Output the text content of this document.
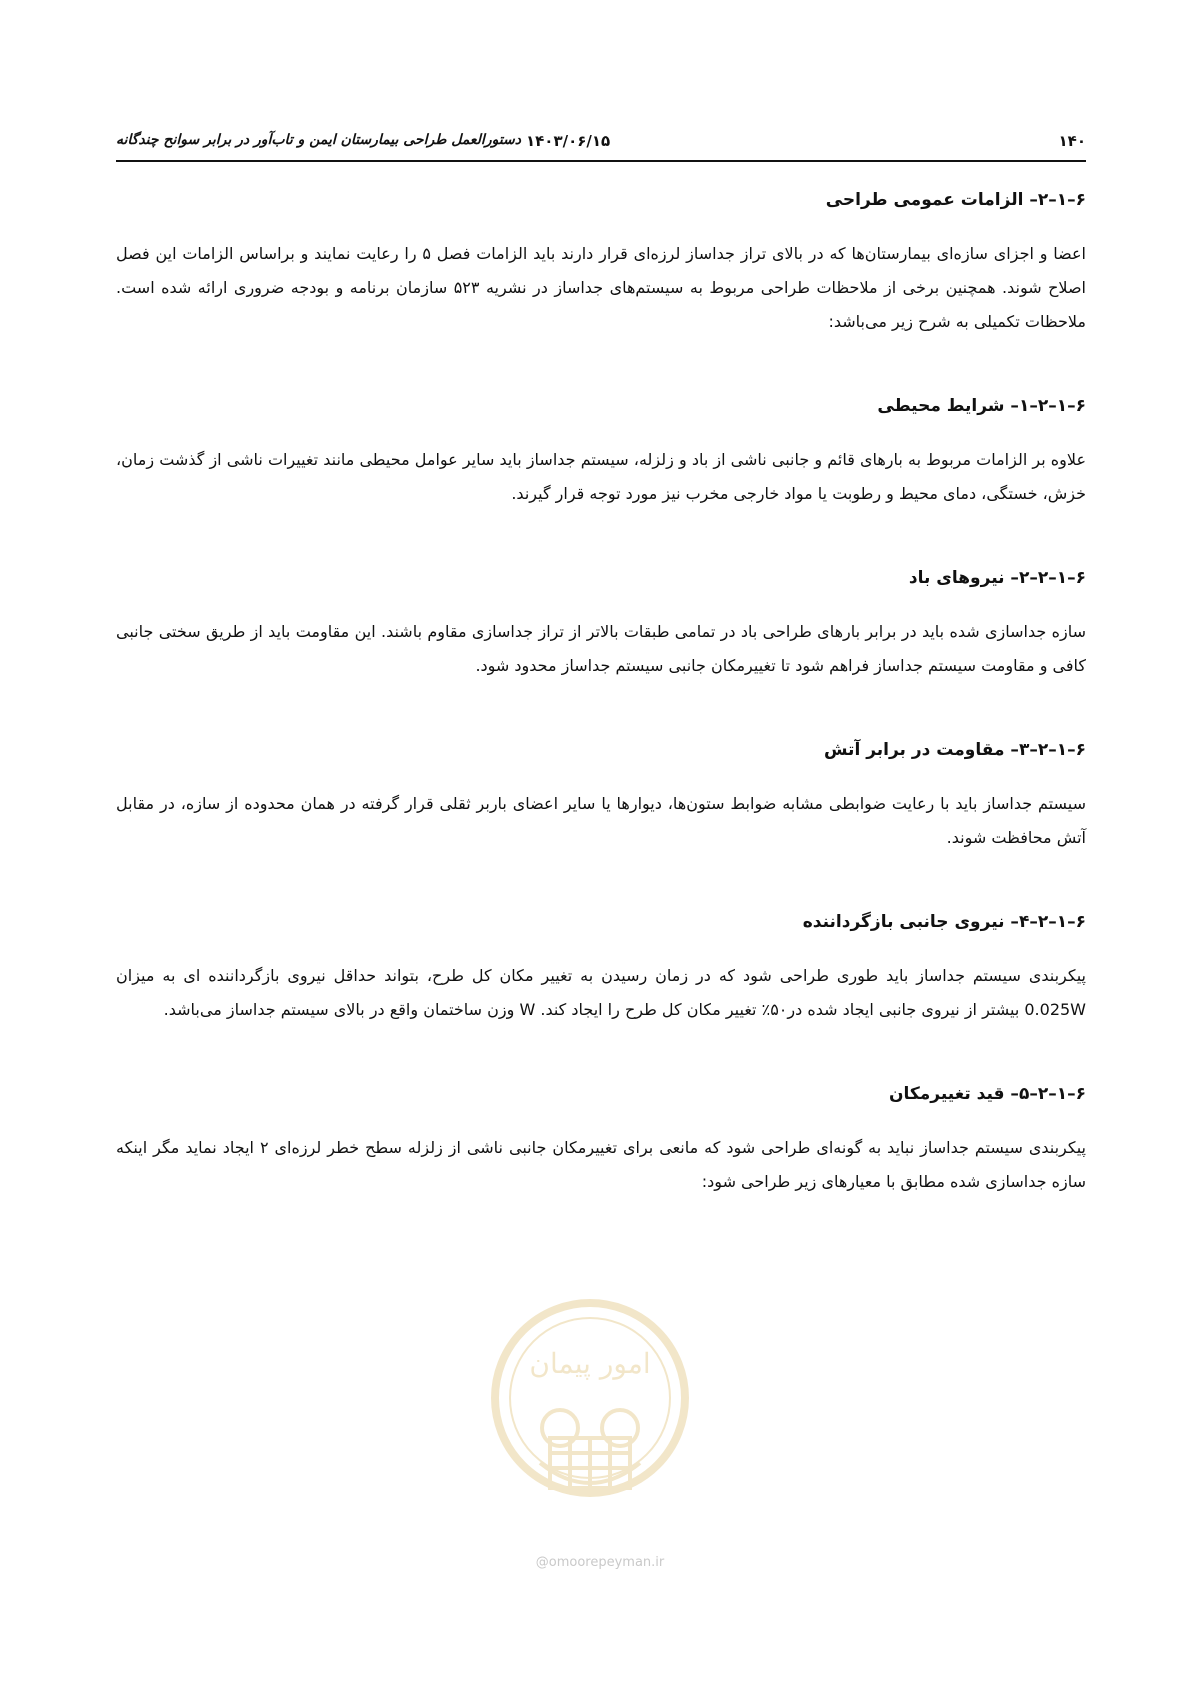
۱۴۰
۱۴۰۳/۰۶/۱۵
دستورالعمل طراحی بیمارستان ایمن و تاب‌آور در برابر سوانح چندگانه
۶–۱–۲– الزامات عمومی طراحی

اعضا و اجزای سازه‌ای بیمارستان‌ها که در بالای تراز جداساز لرزه‌ای قرار دارند باید الزامات فصل ۵ را رعایت نمایند و براساس الزامات این فصل اصلاح شوند. همچنین برخی از ملاحظات طراحی مربوط به سیستم‌های جداساز در نشریه ۵۲۳ سازمان برنامه و بودجه ضروری ارائه شده است. ملاحظات تکمیلی به شرح زیر می‌باشد:

۶–۱–۲–۱– شرایط محیطی

علاوه بر الزامات مربوط به بارهای قائم و جانبی ناشی از باد و زلزله، سیستم جداساز باید سایر عوامل محیطی مانند تغییرات ناشی از گذشت زمان، خزش، خستگی، دمای محیط و رطوبت یا مواد خارجی مخرب نیز مورد توجه قرار گیرند.

۶–۱–۲–۲– نیروهای باد

سازه جداسازی شده باید در برابر بارهای طراحی باد در تمامی طبقات بالاتر از تراز جداسازی مقاوم باشند. این مقاومت باید از طریق سختی جانبی کافی و مقاومت سیستم جداساز فراهم شود تا تغییرمکان جانبی سیستم جداساز محدود شود.

۶–۱–۲–۳– مقاومت در برابر آتش

سیستم جداساز باید با رعایت ضوابطی مشابه ضوابط ستون‌ها، دیوارها یا سایر اعضای باربر ثقلی قرار گرفته در همان محدوده از سازه، در مقابل آتش محافظت شوند.

۶–۱–۲–۴– نیروی جانبی بازگرداننده

پیکربندی سیستم جداساز باید طوری طراحی شود که در زمان رسیدن به تغییر مکان کل طرح، بتواند حداقل نیروی بازگرداننده ای به میزان 0.025W بیشتر از نیروی جانبی ایجاد شده در۵۰٪ تغییر مکان کل طرح را ایجاد کند. W وزن ساختمان واقع در بالای سیستم جداساز می‌باشد.

۶–۱–۲–۵– قید تغییرمکان

پیکربندی سیستم جداساز نباید به گونه‌ای طراحی شود که مانعی برای تغییرمکان جانبی ناشی از زلزله سطح خطر لرزه‌ای ۲ ایجاد نماید مگر اینکه سازه جداسازی شده مطابق با معیارهای زیر طراحی شود:

امور پیمان
@omoorepeyman.ir
